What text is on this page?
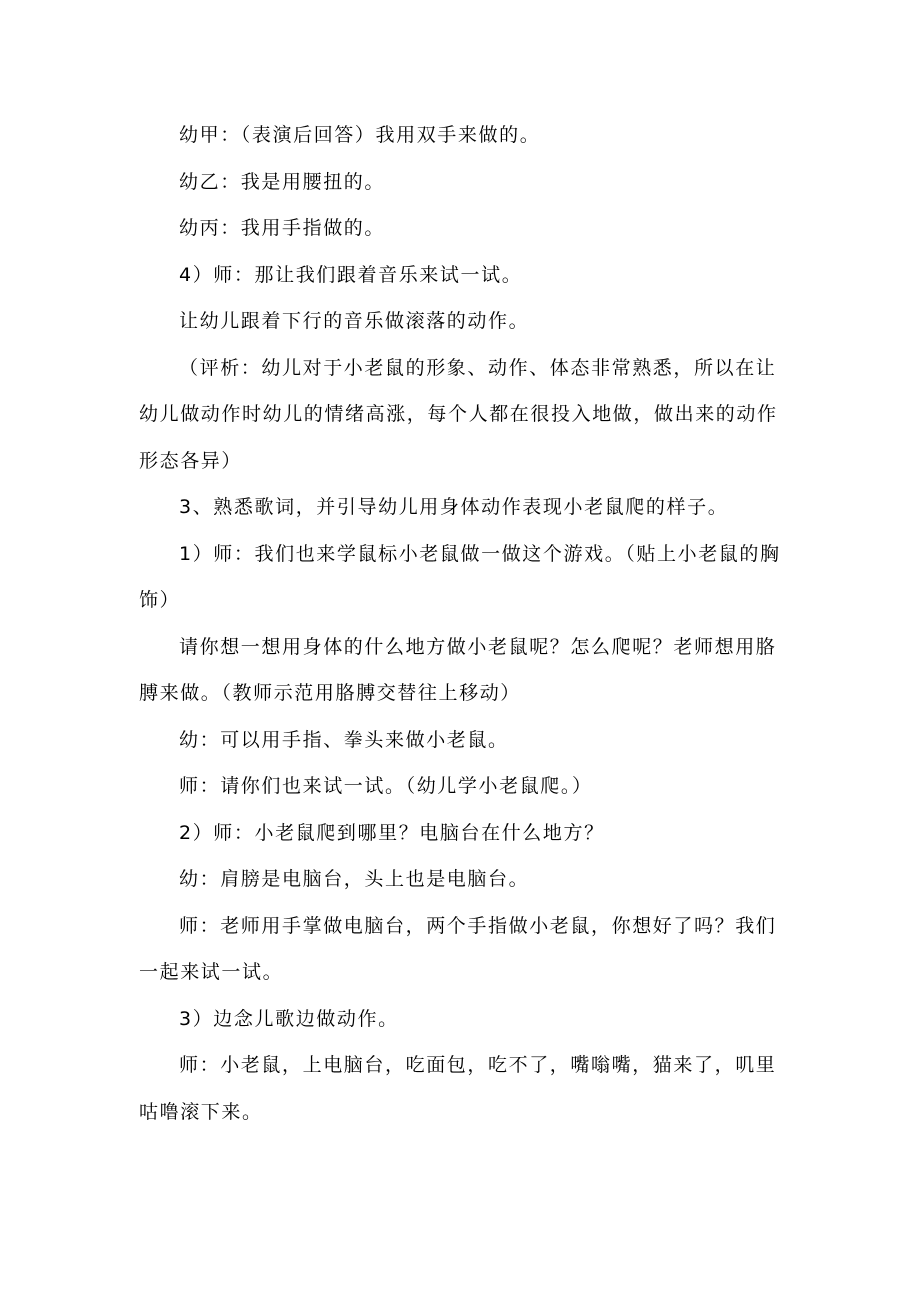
幼甲：（表演后回答）我用双手来做的。

幼乙：我是用腰扭的。

幼丙：我用手指做的。

4）师：那让我们跟着音乐来试一试。

让幼儿跟着下行的音乐做滚落的动作。

（评析：幼儿对于小老鼠的形象、动作、体态非常熟悉，所以在让幼儿做动作时幼儿的情绪高涨，每个人都在很投入地做，做出来的动作形态各异）

3、熟悉歌词，并引导幼儿用身体动作表现小老鼠爬的样子。

1）师：我们也来学鼠标小老鼠做一做这个游戏。（贴上小老鼠的胸饰）

请你想一想用身体的什么地方做小老鼠呢？怎么爬呢？老师想用胳膊来做。（教师示范用胳膊交替往上移动）

幼：可以用手指、拳头来做小老鼠。

师：请你们也来试一试。（幼儿学小老鼠爬。）

2）师：小老鼠爬到哪里？电脑台在什么地方？

幼：肩膀是电脑台，头上也是电脑台。

师：老师用手掌做电脑台，两个手指做小老鼠，你想好了吗？我们一起来试一试。

3）边念儿歌边做动作。

师：小老鼠，上电脑台，吃面包，吃不了，嘴嗡嘴，猫来了，叽里咕噜滚下来。
